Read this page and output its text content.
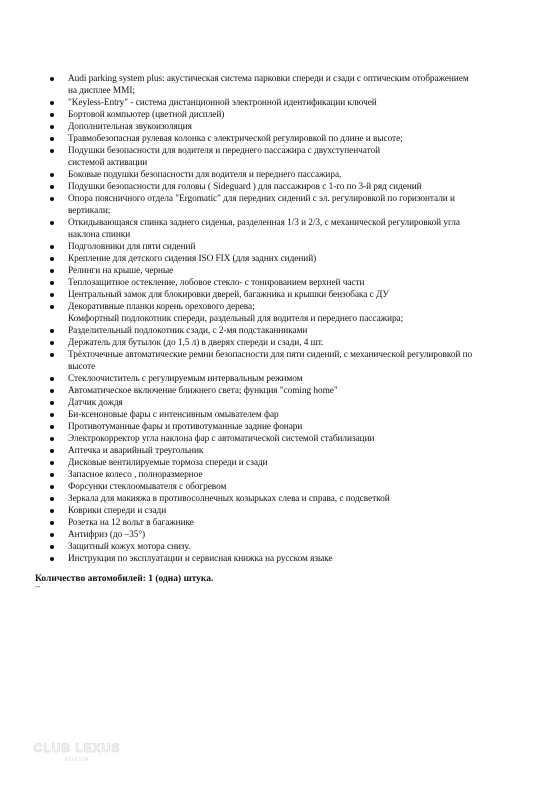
Audi parking system plus: акустическая система парковки спереди и сзади с оптическим отображением
на дисплее MMI;
"Keyless-Entry" - система дистанционной электронной идентификации ключей
Бортовой компьютер (цветной дисплей)
Дополнительная звукоизоляция
Травмобезопасная рулевая колонка с электрической регулировкой по длине и высоте;
Подушки безопасности для водителя и переднего пассажира с двухступенчатой
системой активации
Боковые подушки безопасности для водителя и переднего пассажира,
Подушки безопасности для головы ( Sideguard ) для пассажиров с 1-го по 3-й ряд сидений
Опора поясничного отдела "Ergomatic" для передних сидений с эл. регулировкой по горизонтали и
вертикали;
Откидывающаяся спинка заднего сиденья, разделенная 1/3 и 2/3, с механической регулировкой угла
наклона спинки
Подголовники для пяти сидений
Крепление для детского сидения ISO FIX (для задних сидений)
Релинги на крыше, черные
Теплозащитное остекление, лобовое стекло- с тонированием верхней части
Центральный замок для блокировки дверей, багажника и крышки бензобака с ДУ
Декоративные планки корень орехового дерева;
Комфортный подлокотник спереди, раздельный для водителя и переднего пассажира;
Разделительный подлокотник сзади, с 2-мя подстаканниками
Держатель для бутылок (до 1,5 л) в дверях спереди и сзади, 4 шт.
Трёхточечные автоматические ремни безопасности для пяти сидений, с механической регулировкой по
высоте
Стеклоочиститель с регулируемым интервальным режимом
Автоматическое включение ближнего света; функция "coming home"
Датчик дождя
Би-ксеноновые фары с интенсивным омывателем фар
Противотуманные фары и противотуманные задние фонари
Электрокорректор угла наклона фар с автоматической системой стабилизации
Аптечка и аварийный треугольник
Дисковые вентилируемые тормоза спереди и сзади
Запасное колесо , полноразмерное
Форсунки стеклоомывателя с обогревом
Зеркала для макияжа в противосолнечных козырьках слева и справа, с подсветкой
Коврики спереди и сзади
Розетка на 12 вольт в багажнике
Антифриз (до –35°)
Защитный кожух мотора снизу.
Инструкция по эксплуатации и сервисная книжка на русском языке
Количество автомобилей: 1 (одна) штука.
--
CLUB LEXUS
RUSSIA
